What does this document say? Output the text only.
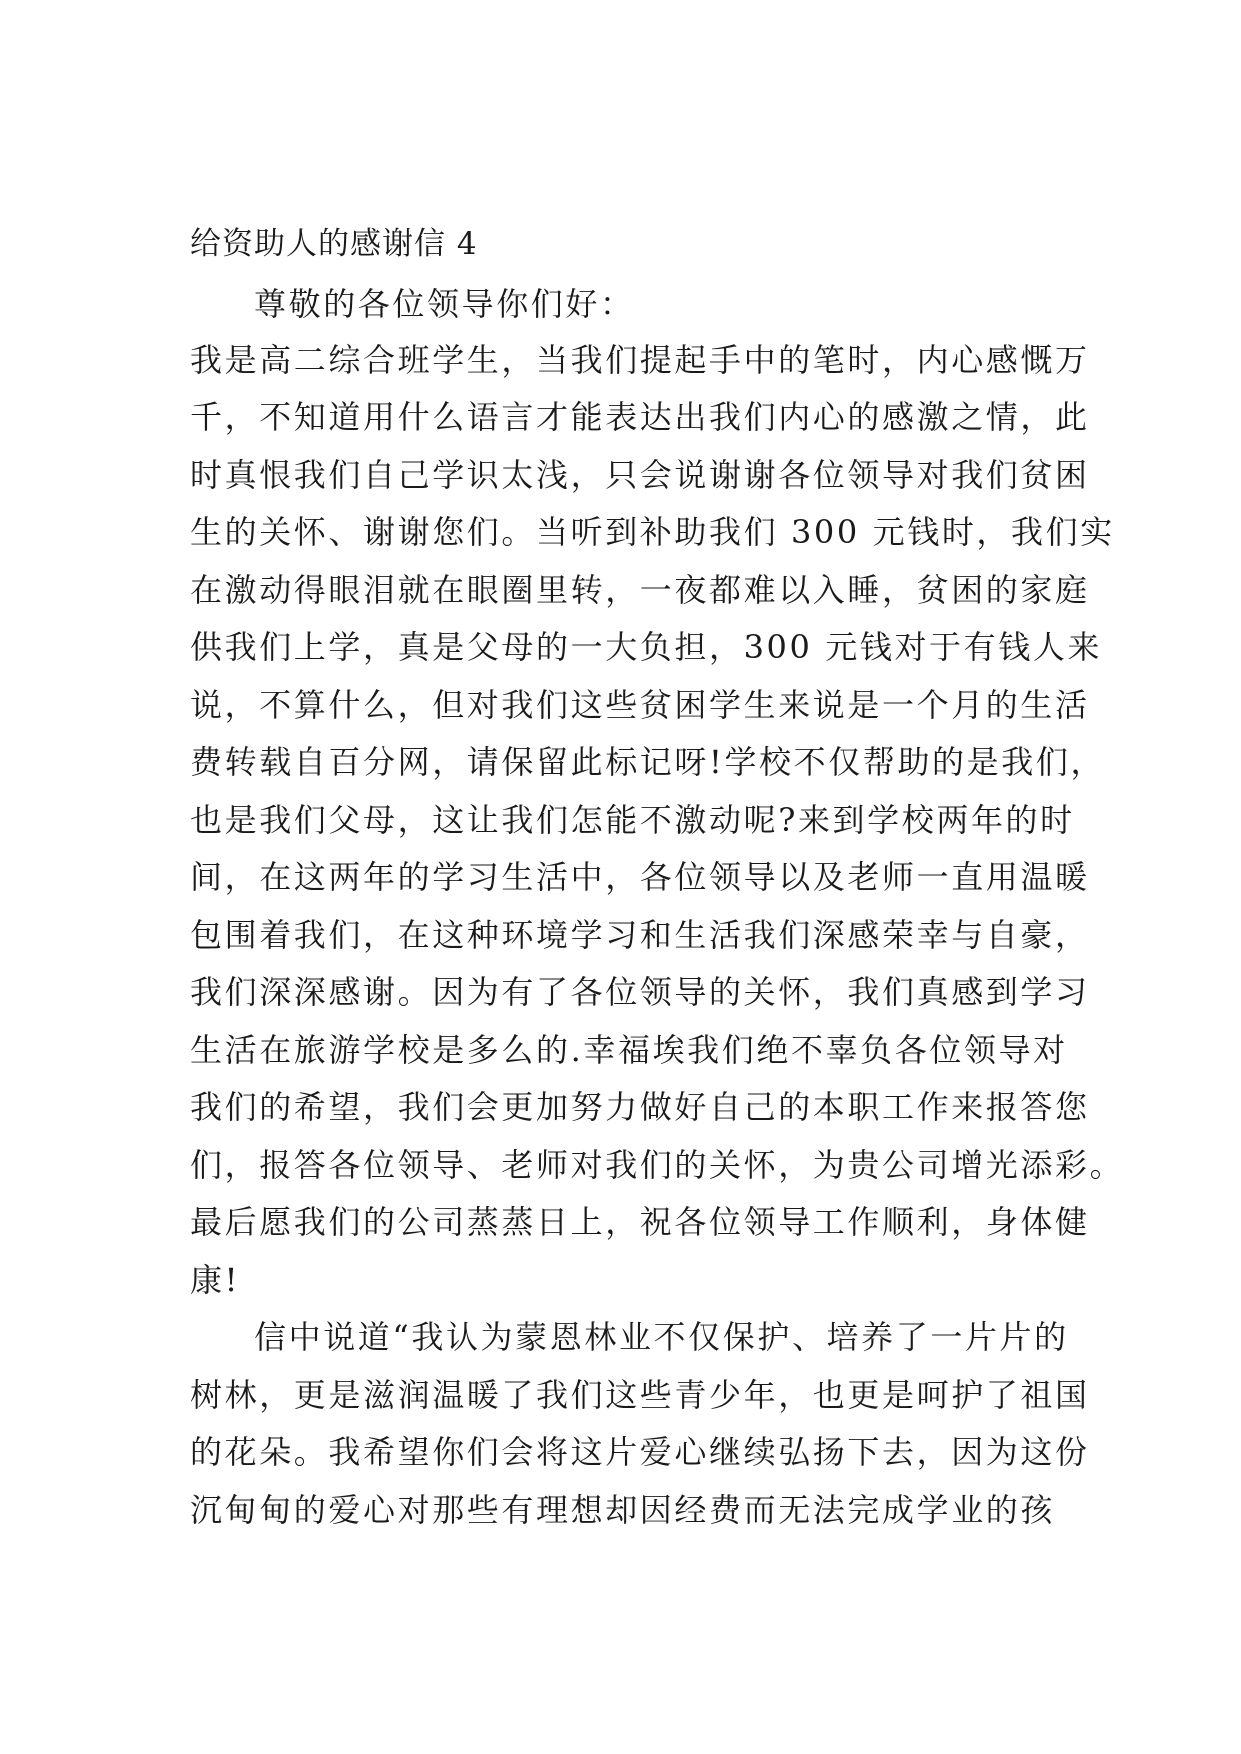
给资助人的感谢信 4
尊敬的各位领导你们好：
我是高二综合班学生，当我们提起手中的笔时，内心感慨万
千，不知道用什么语言才能表达出我们内心的感激之情，此
时真恨我们自己学识太浅，只会说谢谢各位领导对我们贫困
生的关怀、谢谢您们。当听到补助我们 300 元钱时，我们实
在激动得眼泪就在眼圈里转，一夜都难以入睡，贫困的家庭
供我们上学，真是父母的一大负担，300 元钱对于有钱人来
说，不算什么，但对我们这些贫困学生来说是一个月的生活
费转载自百分网，请保留此标记呀!学校不仅帮助的是我们，
也是我们父母，这让我们怎能不激动呢?来到学校两年的时
间，在这两年的学习生活中，各位领导以及老师一直用温暖
包围着我们，在这种环境学习和生活我们深感荣幸与自豪，
我们深深感谢。因为有了各位领导的关怀，我们真感到学习
生活在旅游学校是多么的.幸福埃我们绝不辜负各位领导对
我们的希望，我们会更加努力做好自己的本职工作来报答您
们，报答各位领导、老师对我们的关怀，为贵公司增光添彩。
最后愿我们的公司蒸蒸日上，祝各位领导工作顺利，身体健
康!
信中说道“我认为蒙恩林业不仅保护、培养了一片片的
树林，更是滋润温暖了我们这些青少年，也更是呵护了祖国
的花朵。我希望你们会将这片爱心继续弘扬下去，因为这份
沉甸甸的爱心对那些有理想却因经费而无法完成学业的孩
